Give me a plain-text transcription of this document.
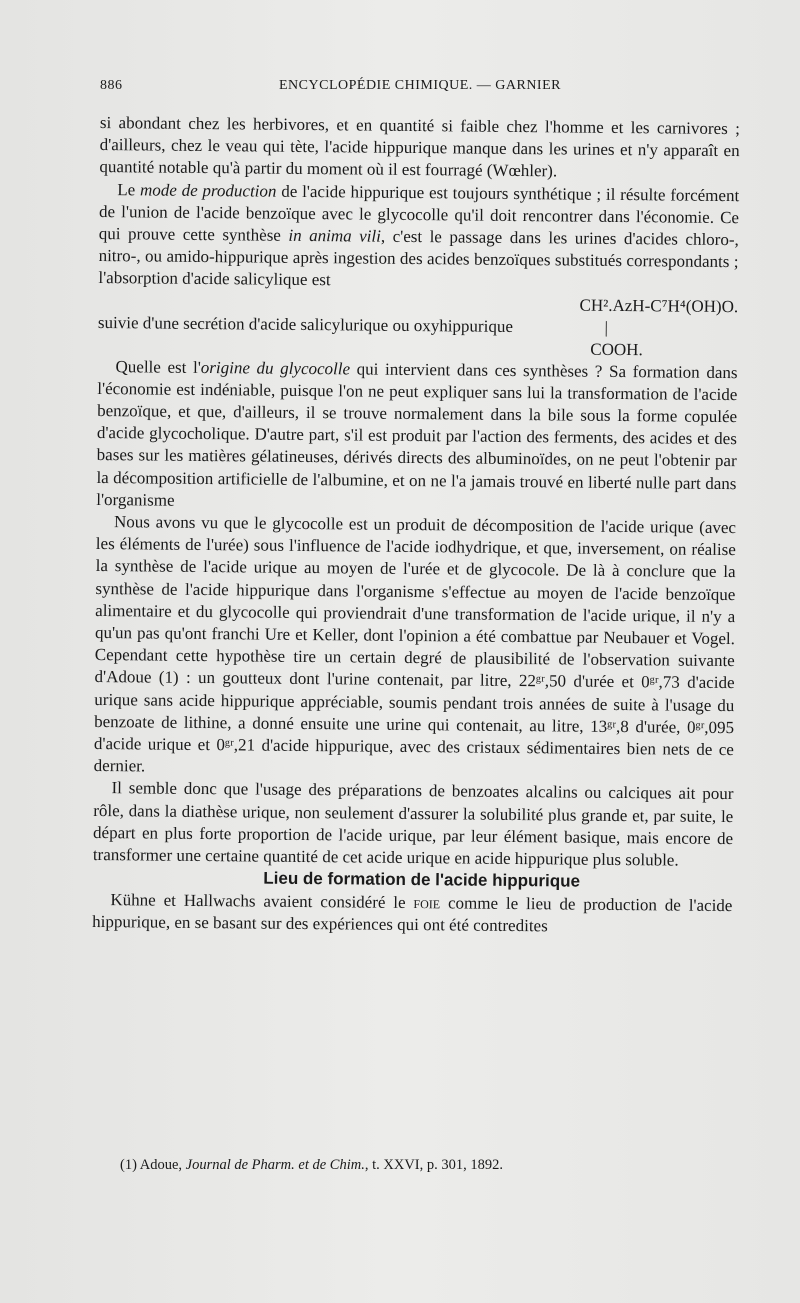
886	ENCYCLOPÉDIE CHIMIQUE. — GARNIER

si abondant chez les herbivores, et en quantité si faible chez l'homme et les carnivores ; d'ailleurs, chez le veau qui tète, l'acide hippurique manque dans les urines et n'y apparaît en quantité notable qu'à partir du moment où il est fourragé (Wœhler).

Le mode de production de l'acide hippurique est toujours synthétique ; il résulte forcément de l'union de l'acide benzoïque avec le glycocolle qu'il doit rencontrer dans l'économie. Ce qui prouve cette synthèse in anima vili, c'est le passage dans les urines d'acides chloro-, nitro-, ou amido-hippurique après ingestion des acides benzoïques substitués correspondants ; l'absorption d'acide salicylique est

CH².AzH-C⁷H⁴(OH)O.
suivie d'une secrétion d'acide salicylurique ou oxyhippurique	|
COOH.

Quelle est l'origine du glycocolle qui intervient dans ces synthèses ? Sa formation dans l'économie est indéniable, puisque l'on ne peut expliquer sans lui la transformation de l'acide benzoïque, et que, d'ailleurs, il se trouve normalement dans la bile sous la forme copulée d'acide glycocholique. D'autre part, s'il est produit par l'action des ferments, des acides et des bases sur les matières gélatineuses, dérivés directs des albuminoïdes, on ne peut l'obtenir par la décomposition artificielle de l'albumine, et on ne l'a jamais trouvé en liberté nulle part dans l'organisme

Nous avons vu que le glycocolle est un produit de décomposition de l'acide urique (avec les éléments de l'urée) sous l'influence de l'acide iodhydrique, et que, inversement, on réalise la synthèse de l'acide urique au moyen de l'urée et de glycocole. De là à conclure que la synthèse de l'acide hippurique dans l'organisme s'effectue au moyen de l'acide benzoïque alimentaire et du glycocolle qui proviendrait d'une transformation de l'acide urique, il n'y a qu'un pas qu'ont franchi Ure et Keller, dont l'opinion a été combattue par Neubauer et Vogel. Cependant cette hypothèse tire un certain degré de plausibilité de l'observation suivante d'Adoue (1) : un goutteux dont l'urine contenait, par litre, 22ᵍʳ,50 d'urée et 0ᵍʳ,73 d'acide urique sans acide hippurique appréciable, soumis pendant trois années de suite à l'usage du benzoate de lithine, a donné ensuite une urine qui contenait, au litre, 13ᵍʳ,8 d'urée, 0ᵍʳ,095 d'acide urique et 0ᵍʳ,21 d'acide hippurique, avec des cristaux sédimentaires bien nets de ce dernier.

Il semble donc que l'usage des préparations de benzoates alcalins ou calciques ait pour rôle, dans la diathèse urique, non seulement d'assurer la solubilité plus grande et, par suite, le départ en plus forte proportion de l'acide urique, par leur élément basique, mais encore de transformer une certaine quantité de cet acide urique en acide hippurique plus soluble.

Lieu de formation de l'acide hippurique

Kühne et Hallwachs avaient considéré le foie comme le lieu de production de l'acide hippurique, en se basant sur des expériences qui ont été contredites

(1) Adoue, Journal de Pharm. et de Chim., t. XXVI, p. 301, 1892.
